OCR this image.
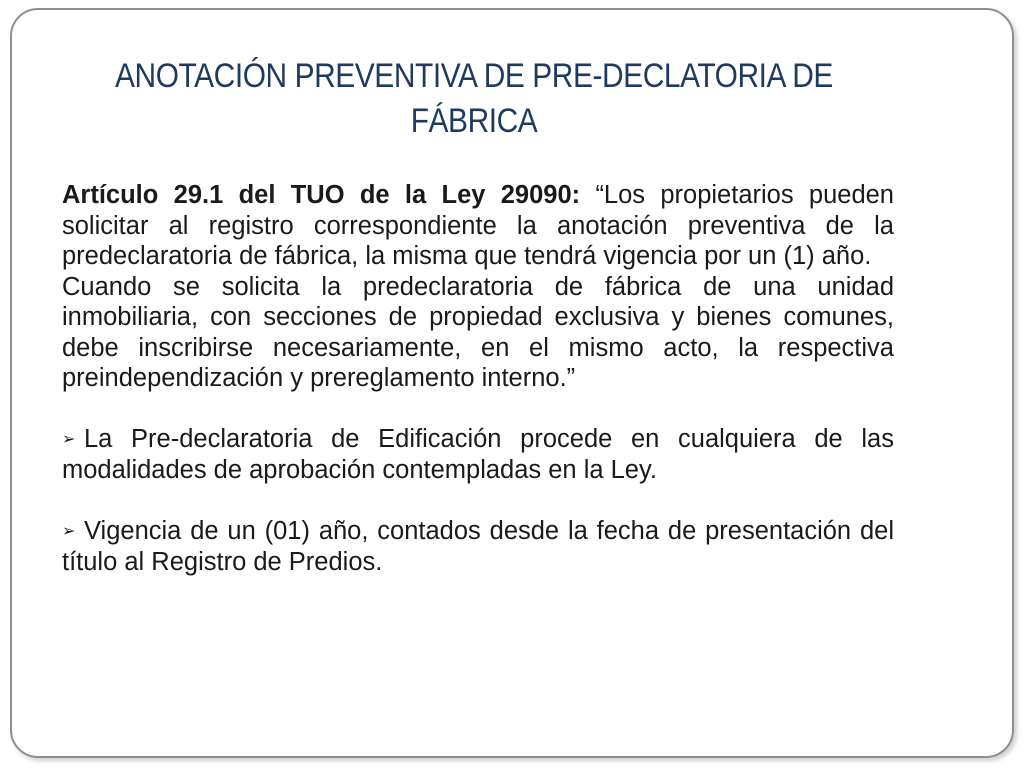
ANOTACIÓN PREVENTIVA DE PRE-DECLATORIA DE
FÁBRICA

Artículo 29.1 del TUO de la Ley 29090: “Los propietarios pueden solicitar al registro correspondiente la anotación preventiva de la predeclaratoria de fábrica, la misma que tendrá vigencia por un (1) año.
Cuando se solicita la predeclaratoria de fábrica de una unidad inmobiliaria, con secciones de propiedad exclusiva y bienes comunes, debe inscribirse necesariamente, en el mismo acto, la respectiva preindependización y prereglamento interno.”

➢ La Pre-declaratoria de Edificación procede en cualquiera de las modalidades de aprobación contempladas en la Ley.

➢ Vigencia de un (01) año, contados desde la fecha de presentación del título al Registro de Predios.
